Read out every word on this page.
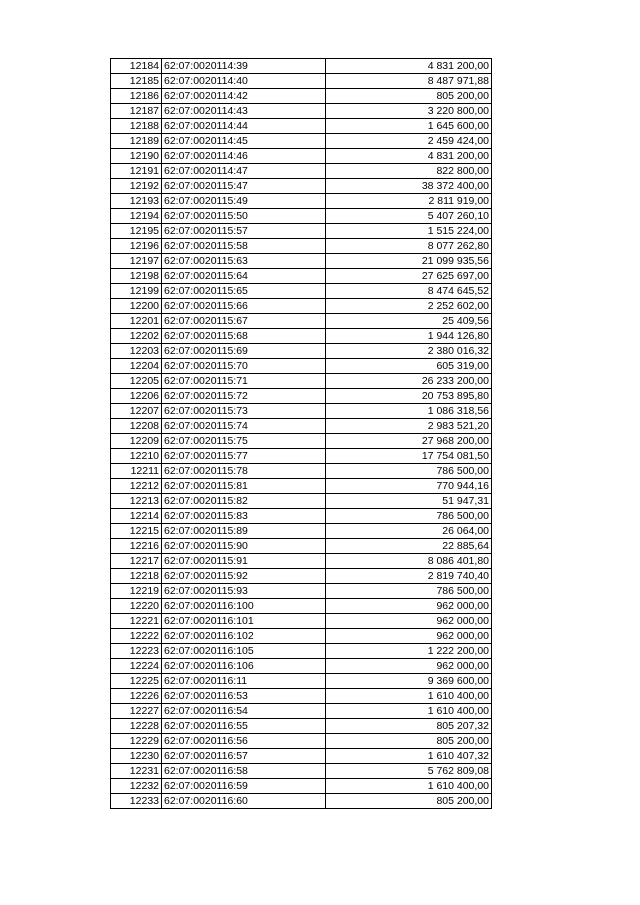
12184	62:07:0020114:39	4 831 200,00
12185	62:07:0020114:40	8 487 971,88
12186	62:07:0020114:42	805 200,00
12187	62:07:0020114:43	3 220 800,00
12188	62:07:0020114:44	1 645 600,00
12189	62:07:0020114:45	2 459 424,00
12190	62:07:0020114:46	4 831 200,00
12191	62:07:0020114:47	822 800,00
12192	62:07:0020115:47	38 372 400,00
12193	62:07:0020115:49	2 811 919,00
12194	62:07:0020115:50	5 407 260,10
12195	62:07:0020115:57	1 515 224,00
12196	62:07:0020115:58	8 077 262,80
12197	62:07:0020115:63	21 099 935,56
12198	62:07:0020115:64	27 625 697,00
12199	62:07:0020115:65	8 474 645,52
12200	62:07:0020115:66	2 252 602,00
12201	62:07:0020115:67	25 409,56
12202	62:07:0020115:68	1 944 126,80
12203	62:07:0020115:69	2 380 016,32
12204	62:07:0020115:70	605 319,00
12205	62:07:0020115:71	26 233 200,00
12206	62:07:0020115:72	20 753 895,80
12207	62:07:0020115:73	1 086 318,56
12208	62:07:0020115:74	2 983 521,20
12209	62:07:0020115:75	27 968 200,00
12210	62:07:0020115:77	17 754 081,50
12211	62:07:0020115:78	786 500,00
12212	62:07:0020115:81	770 944,16
12213	62:07:0020115:82	51 947,31
12214	62:07:0020115:83	786 500,00
12215	62:07:0020115:89	26 064,00
12216	62:07:0020115:90	22 885,64
12217	62:07:0020115:91	8 086 401,80
12218	62:07:0020115:92	2 819 740,40
12219	62:07:0020115:93	786 500,00
12220	62:07:0020116:100	962 000,00
12221	62:07:0020116:101	962 000,00
12222	62:07:0020116:102	962 000,00
12223	62:07:0020116:105	1 222 200,00
12224	62:07:0020116:106	962 000,00
12225	62:07:0020116:11	9 369 600,00
12226	62:07:0020116:53	1 610 400,00
12227	62:07:0020116:54	1 610 400,00
12228	62:07:0020116:55	805 207,32
12229	62:07:0020116:56	805 200,00
12230	62:07:0020116:57	1 610 407,32
12231	62:07:0020116:58	5 762 809,08
12232	62:07:0020116:59	1 610 400,00
12233	62:07:0020116:60	805 200,00
